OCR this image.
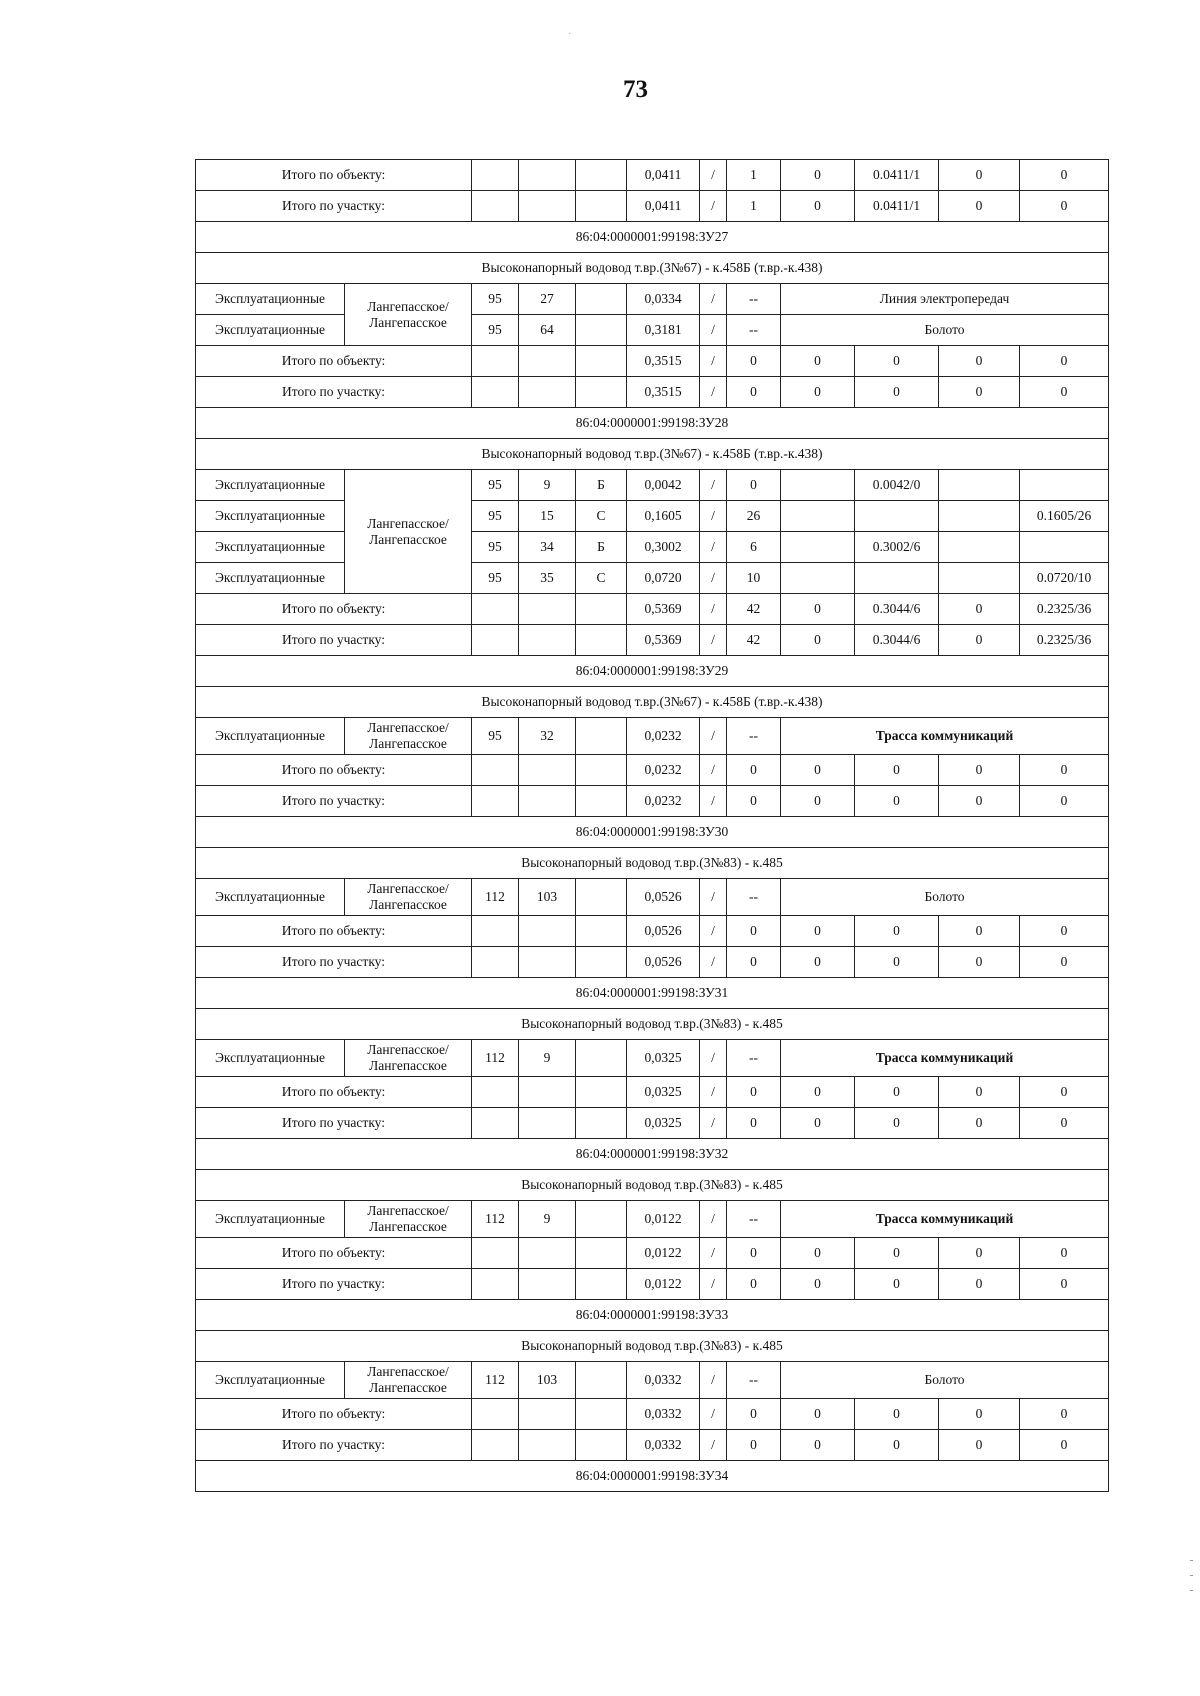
73
·
Итого по объекту:					0,0411	/	1	0	0.0411/1	0	0
Итого по участку:					0,0411	/	1	0	0.0411/1	0	0
86:04:0000001:99198:ЗУ27											
Высоконапорный водовод т.вр.(3№67) - к.458Б (т.вр.-к.438)											
Эксплуатационные	Лангепасское/ Лангепасское	95	27		0,0334	/	--	Линия электропередач			
Эксплуатационные		95	64		0,3181	/	--	Болото			
Итого по объекту:					0,3515	/	0	0	0	0	0
Итого по участку:					0,3515	/	0	0	0	0	0
86:04:0000001:99198:ЗУ28											
Высоконапорный водовод т.вр.(3№67) - к.458Б (т.вр.-к.438)											
Эксплуатационные	Лангепасское/ Лангепасское	95	9	Б	0,0042	/	0		0.0042/0		
Эксплуатационные		95	15	С	0,1605	/	26				0.1605/26
Эксплуатационные		95	34	Б	0,3002	/	6		0.3002/6		
Эксплуатационные		95	35	С	0,0720	/	10				0.0720/10
Итого по объекту:					0,5369	/	42	0	0.3044/6	0	0.2325/36
Итого по участку:					0,5369	/	42	0	0.3044/6	0	0.2325/36
86:04:0000001:99198:ЗУ29											
Высоконапорный водовод т.вр.(3№67) - к.458Б (т.вр.-к.438)											
Эксплуатационные	Лангепасское/ Лангепасское	95	32		0,0232	/	--	Трасса коммуникаций			
Итого по объекту:					0,0232	/	0	0	0	0	0
Итого по участку:					0,0232	/	0	0	0	0	0
86:04:0000001:99198:ЗУ30											
Высоконапорный водовод т.вр.(3№83) - к.485											
Эксплуатационные	Лангепасское/ Лангепасское	112	103		0,0526	/	--	Болото			
Итого по объекту:					0,0526	/	0	0	0	0	0
Итого по участку:					0,0526	/	0	0	0	0	0
86:04:0000001:99198:ЗУ31											
Высоконапорный водовод т.вр.(3№83) - к.485											
Эксплуатационные	Лангепасское/ Лангепасское	112	9		0,0325	/	--	Трасса коммуникаций			
Итого по объекту:					0,0325	/	0	0	0	0	0
Итого по участку:					0,0325	/	0	0	0	0	0
86:04:0000001:99198:ЗУ32											
Высоконапорный водовод т.вр.(3№83) - к.485											
Эксплуатационные	Лангепасское/ Лангепасское	112	9		0,0122	/	--	Трасса коммуникаций			
Итого по объекту:					0,0122	/	0	0	0	0	0
Итого по участку:					0,0122	/	0	0	0	0	0
86:04:0000001:99198:ЗУ33											
Высоконапорный водовод т.вр.(3№83) - к.485											
Эксплуатационные	Лангепасское/ Лангепасское	112	103		0,0332	/	--	Болото			
Итого по объекту:					0,0332	/	0	0	0	0	0
Итого по участку:					0,0332	/	0	0	0	0	0
86:04:0000001:99198:ЗУ34											
